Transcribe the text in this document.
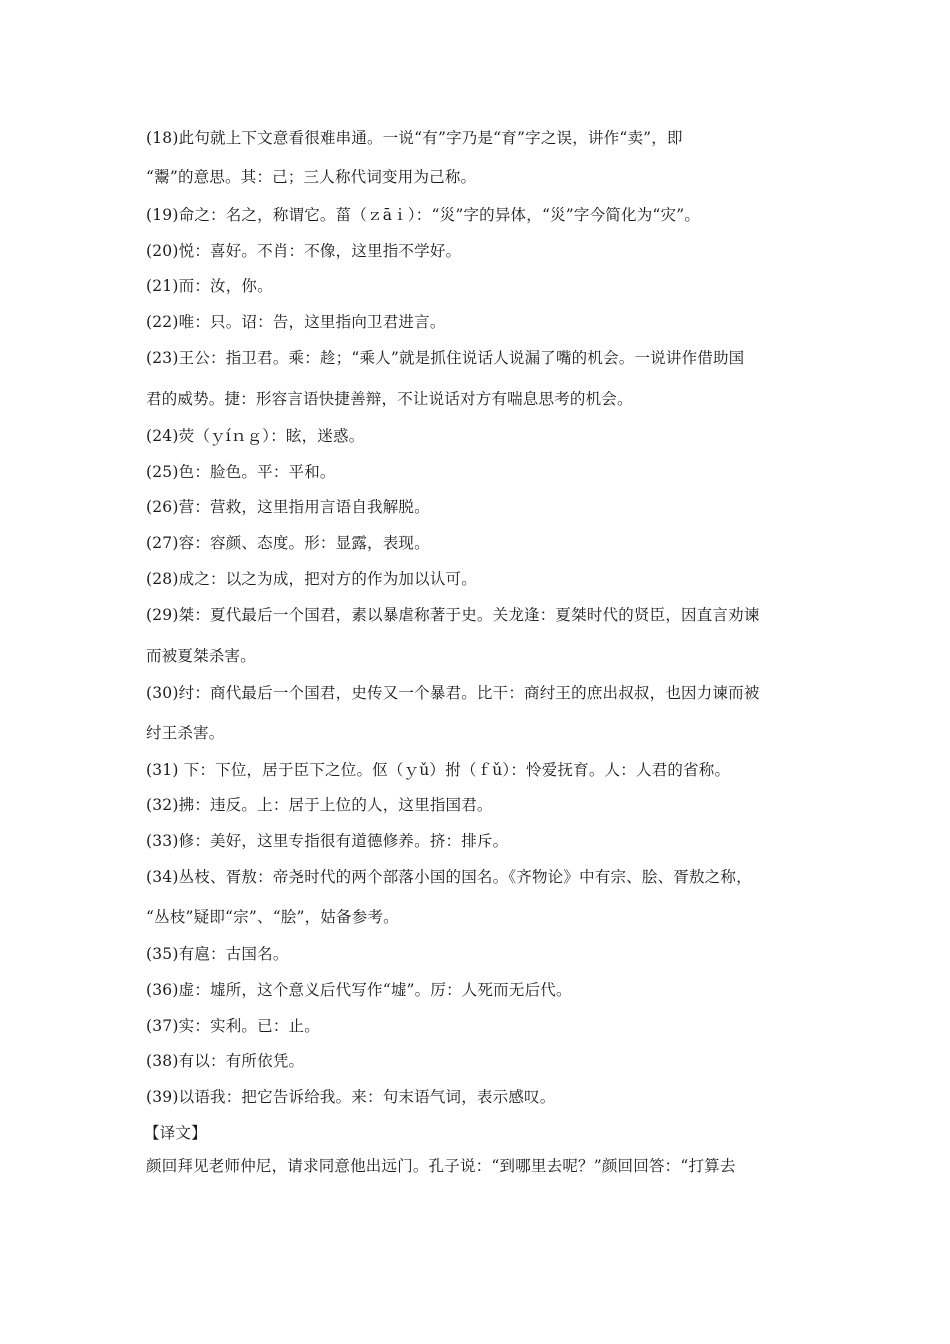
(18)此句就上下文意看很难串通。一说“有”字乃是“育”字之误，讲作“卖”，即
“鬻”的意思。其：己；三人称代词变用为己称。
(19)命之：名之，称谓它。菑（ｚāｉ）：“災”字的异体，“災”字今简化为“灾”。
(20)悦：喜好。不肖：不像，这里指不学好。
(21)而：汝，你。
(22)唯：只。诏：告，这里指向卫君进言。
(23)王公：指卫君。乘：趁；“乘人”就是抓住说话人说漏了嘴的机会。一说讲作借助国
君的威势。捷：形容言语快捷善辩，不让说话对方有喘息思考的机会。
(24)荧（ｙíｎｇ）：眩，迷惑。
(25)色：脸色。平：平和。
(26)营：营救，这里指用言语自我解脱。
(27)容：容颜、态度。形：显露，表现。
(28)成之：以之为成，把对方的作为加以认可。
(29)桀：夏代最后一个国君，素以暴虐称著于史。关龙逢：夏桀时代的贤臣，因直言劝谏
而被夏桀杀害。
(30)纣：商代最后一个国君，史传又一个暴君。比干：商纣王的庶出叔叔，也因力谏而被
纣王杀害。
(31) 下：下位，居于臣下之位。伛（ｙǔ）拊（ｆǔ）：怜爱抚育。人：人君的省称。
(32)拂：违反。上：居于上位的人，这里指国君。
(33)修：美好，这里专指很有道德修养。挤：排斥。
(34)丛枝、胥敖：帝尧时代的两个部落小国的国名。《齐物论》中有宗、脍、胥敖之称，
“丛枝”疑即“宗”、“脍”，姑备参考。
(35)有扈：古国名。
(36)虚：墟所，这个意义后代写作“墟”。厉：人死而无后代。
(37)实：实利。已：止。
(38)有以：有所依凭。
(39)以语我：把它告诉给我。来：句末语气词，表示感叹。
【译文】
颜回拜见老师仲尼，请求同意他出远门。孔子说：“到哪里去呢？”颜回回答：“打算去
